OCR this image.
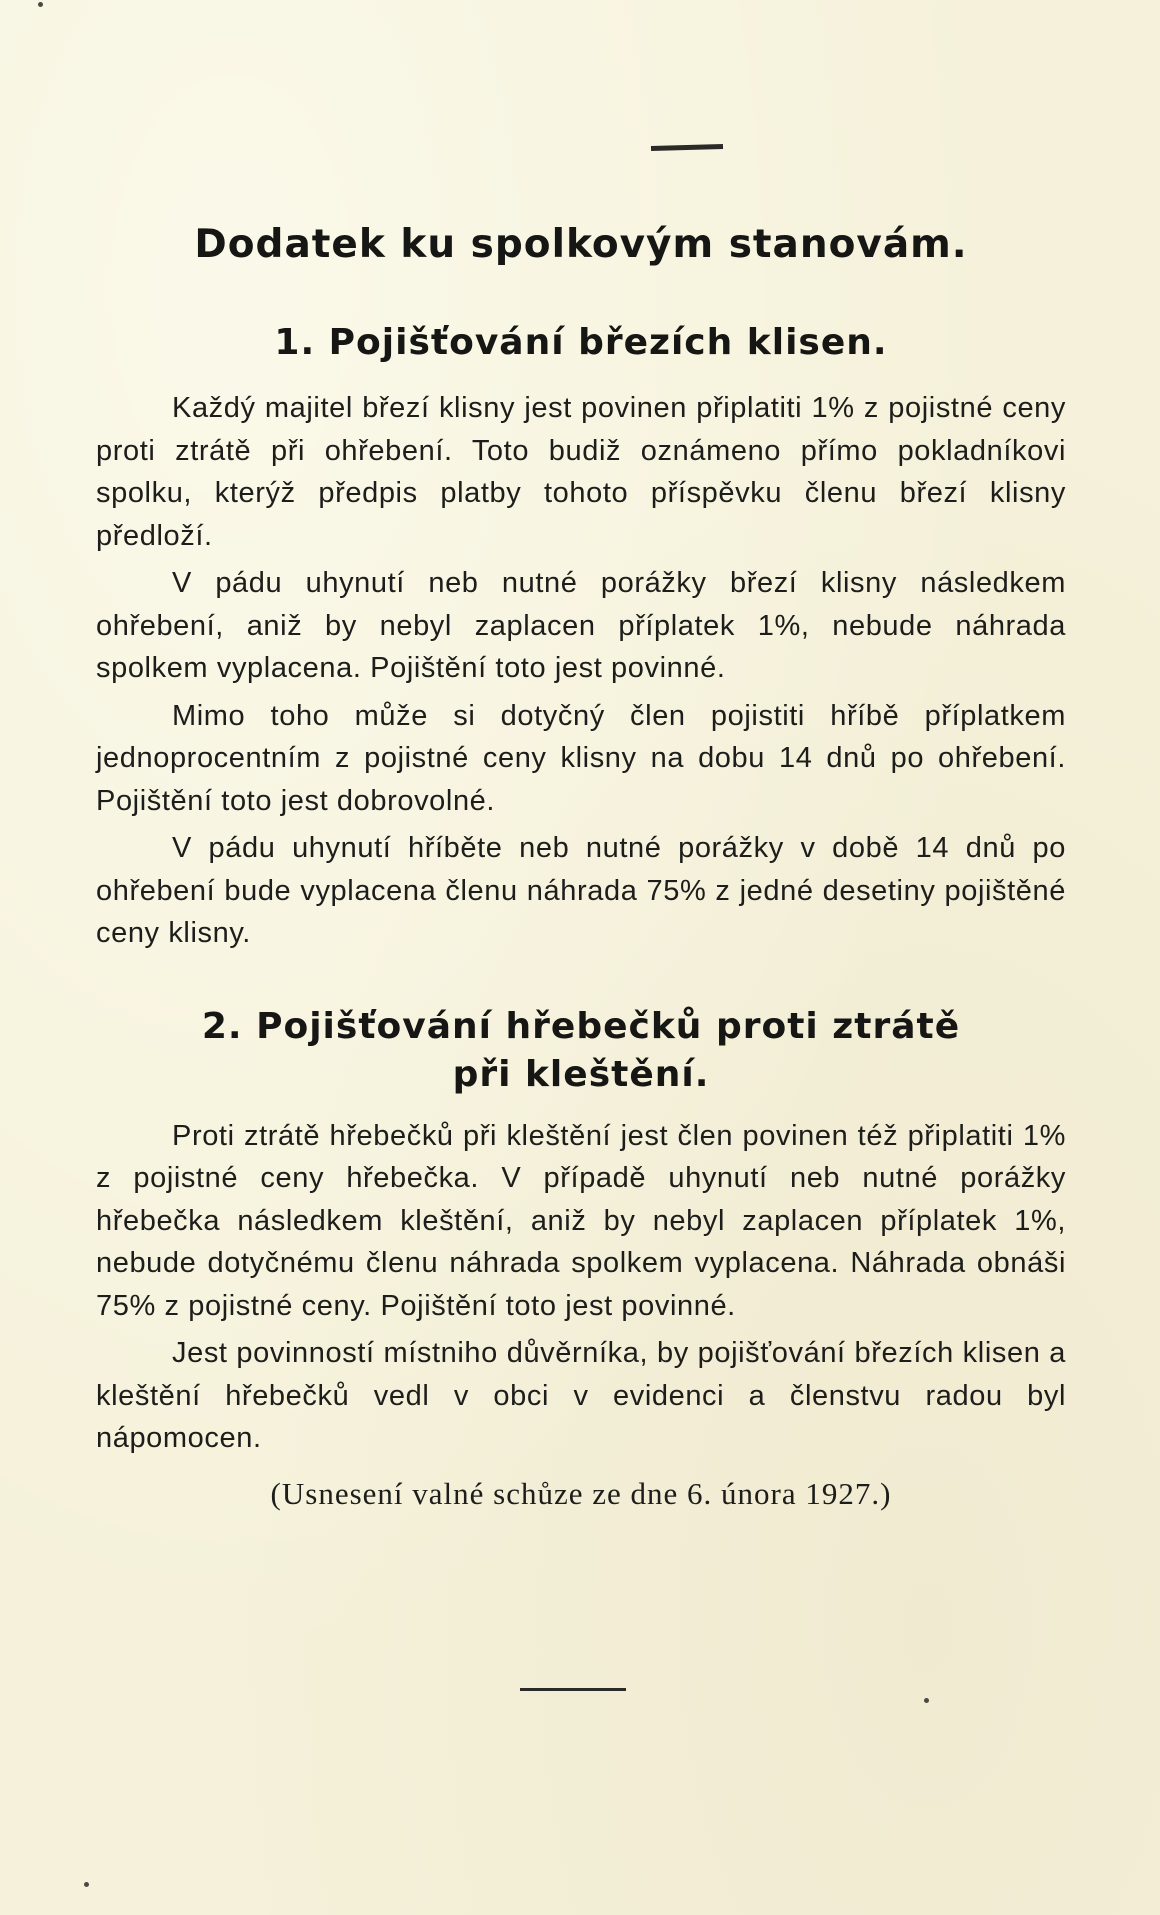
Dodatek ku spolkovým stanovám.
1. Pojišťování březích klisen.

Každý majitel březí klisny jest povinen připlatiti 1% z pojistné ceny proti ztrátě při ohřebení. Toto budiž oznámeno přímo pokladníkovi spolku, kterýž předpis platby tohoto příspěvku členu březí klisny předloží.

V pádu uhynutí neb nutné porážky březí klisny následkem ohřebení, aniž by nebyl zaplacen příplatek 1%, nebude náhrada spolkem vyplacena. Pojištění toto jest povinné.

Mimo toho může si dotyčný člen pojistiti hříbě příplatkem jednoprocentním z pojistné ceny klisny na dobu 14 dnů po ohřebení. Pojištění toto jest dobrovolné.

V pádu uhynutí hříběte neb nutné porážky v době 14 dnů po ohřebení bude vyplacena členu náhrada 75% z jedné desetiny pojištěné ceny klisny.

2. Pojišťování hřebečků proti ztrátě
při kleštění.

Proti ztrátě hřebečků při kleštění jest člen povinen též připlatiti 1% z pojistné ceny hřebečka. V případě uhynutí neb nutné porážky hřebečka následkem kleštění, aniž by nebyl zaplacen příplatek 1%, nebude dotyčnému členu náhrada spolkem vyplacena. Náhrada obnáši 75% z pojistné ceny. Pojištění toto jest povinné.

Jest povinností místniho důvěrníka, by pojišťování březích klisen a kleštění hřebečků vedl v obci v evidenci a členstvu radou byl nápomocen.

(Usnesení valné schůze ze dne 6. února 1927.)
